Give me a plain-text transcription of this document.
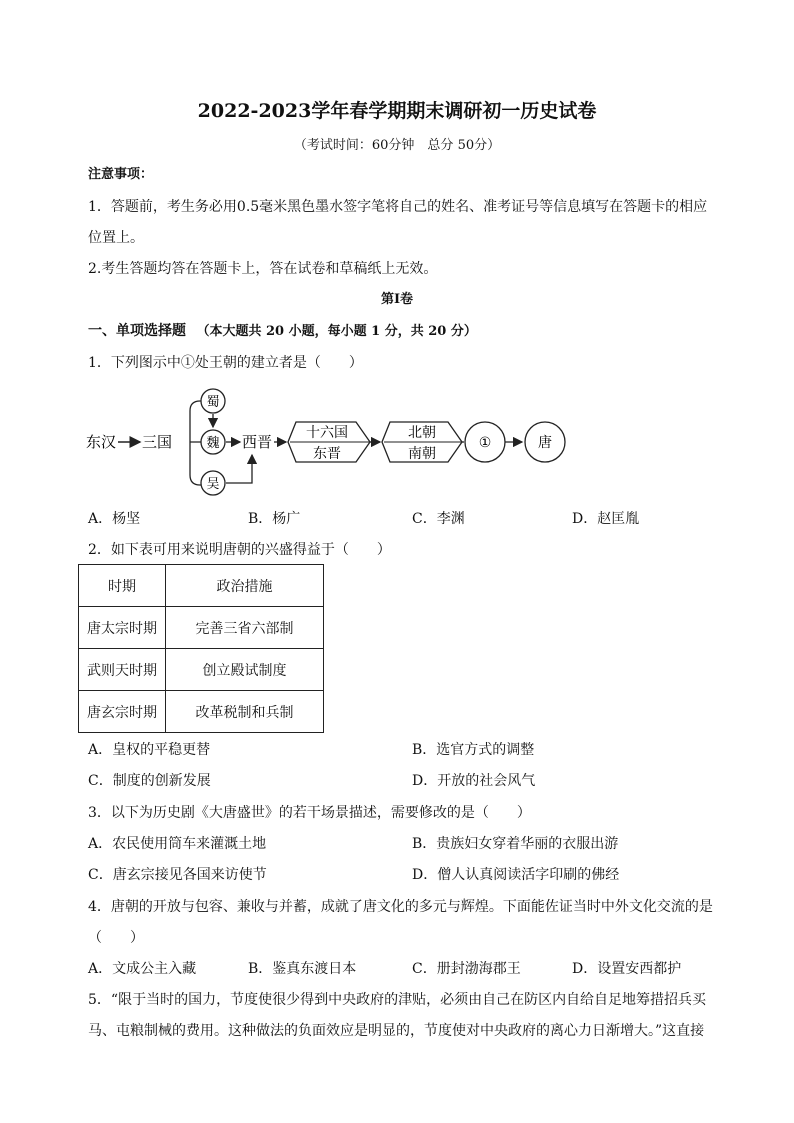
2022-2023学年春学期期末调研初一历史试卷
（考试时间：60分钟　总分 50分）
注意事项：
1．答题前，考生务必用0.5毫米黑色墨水签字笔将自己的姓名、准考证号等信息填写在答题卡的相应
位置上。
2.考生答题均答在答题卡上，答在试卷和草稿纸上无效。
第Ⅰ卷
一、单项选择题 （本大题共 20 小题，每小题 1 分，共 20 分）
1．下列图示中①处王朝的建立者是（　　）
东汉 三国
蜀
魏
吴
西晋 十六国
东晋
北朝
南朝
①	唐
A．杨坚	B．杨广	C．李渊	D．赵匡胤
2．如下表可用来说明唐朝的兴盛得益于（　　）
时期	政治措施
唐太宗时期	完善三省六部制
武则天时期	创立殿试制度
唐玄宗时期	改革税制和兵制
A．皇权的平稳更替	B．选官方式的调整
C．制度的创新发展	D．开放的社会风气
3．以下为历史剧《大唐盛世》的若干场景描述，需要修改的是（　　）
A．农民使用筒车来灌溉土地	B．贵族妇女穿着华丽的衣服出游
C．唐玄宗接见各国来访使节	D．僧人认真阅读活字印刷的佛经
4．唐朝的开放与包容、兼收与并蓄，成就了唐文化的多元与辉煌。下面能佐证当时中外文化交流的是
（　　）
A．文成公主入藏	B．鉴真东渡日本	C．册封渤海郡王	D．设置安西都护
5．“限于当时的国力，节度使很少得到中央政府的津贴，必须由自己在防区内自给自足地筹措招兵买
马、屯粮制械的费用。这种做法的负面效应是明显的，节度使对中央政府的离心力日渐增大。”这直接
